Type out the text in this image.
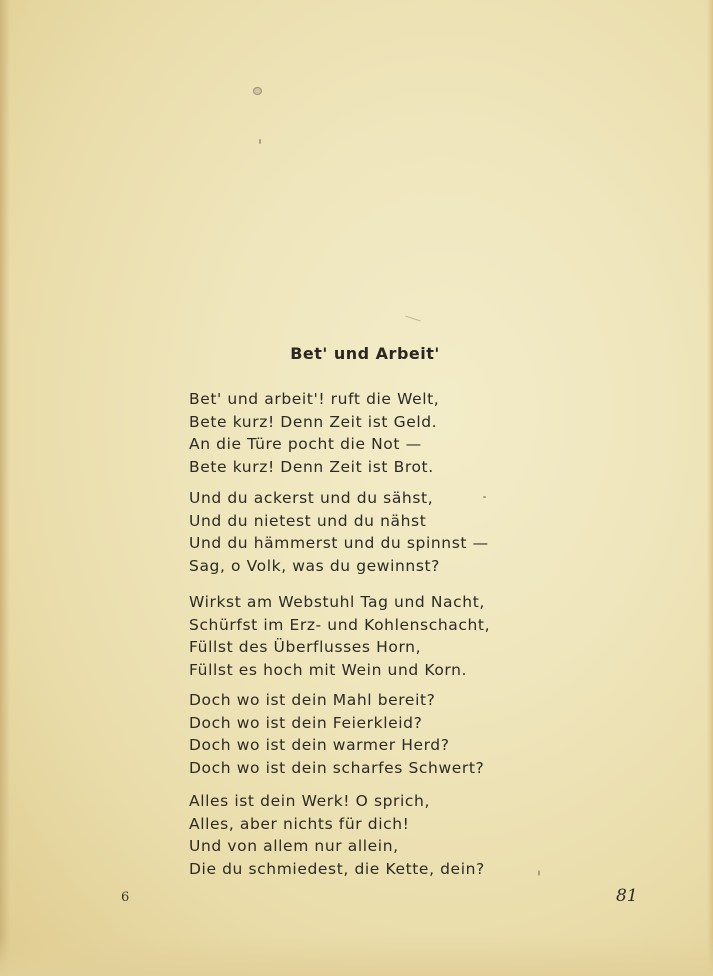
Bet' und Arbeit'
Bet' und arbeit'! ruft die Welt,
Bete kurz! Denn Zeit ist Geld.
An die Türe pocht die Not —
Bete kurz! Denn Zeit ist Brot.
Und du ackerst und du sähst,
Und du nietest und du nähst
Und du hämmerst und du spinnst —
Sag, o Volk, was du gewinnst?
Wirkst am Webstuhl Tag und Nacht,
Schürfst im Erz- und Kohlenschacht,
Füllst des Überflusses Horn,
Füllst es hoch mit Wein und Korn.
Doch wo ist dein Mahl bereit?
Doch wo ist dein Feierkleid?
Doch wo ist dein warmer Herd?
Doch wo ist dein scharfes Schwert?
Alles ist dein Werk! O sprich,
Alles, aber nichts für dich!
Und von allem nur allein,
Die du schmiedest, die Kette, dein?
6	81
